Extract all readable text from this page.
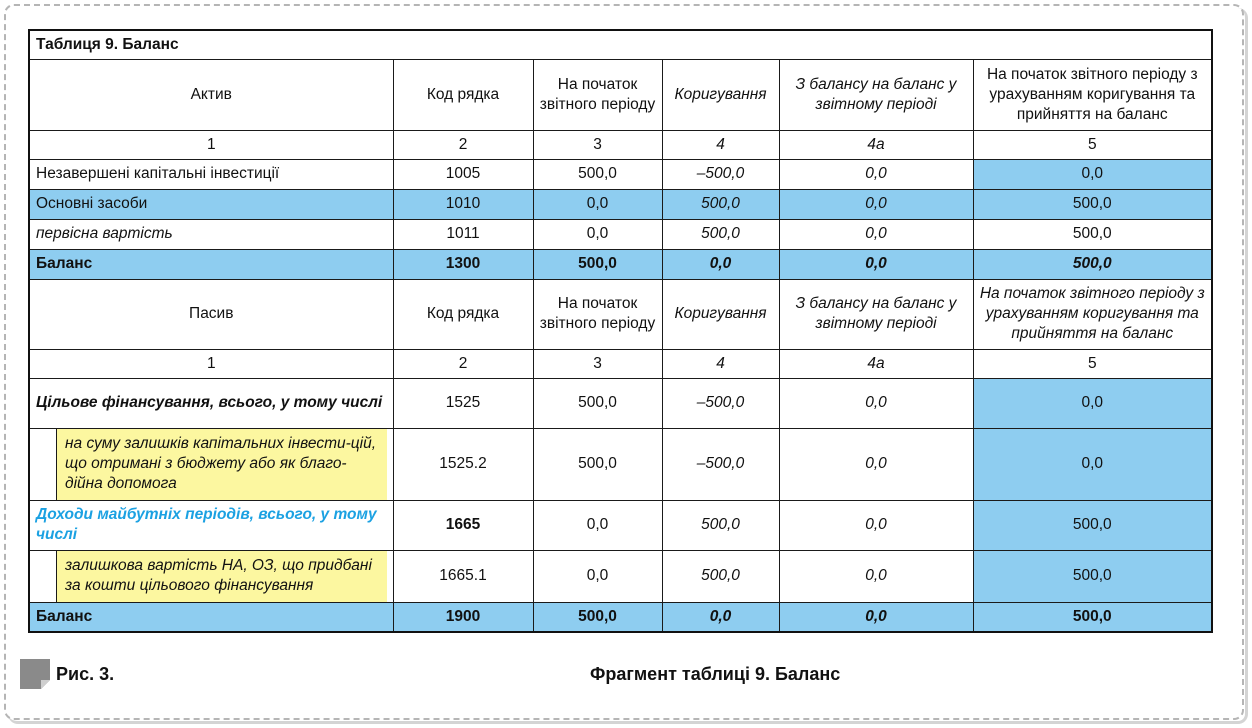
Таблиця 9. Баланс					
Актив	Код рядка	На початок звітного періоду	Коригування	З балансу на баланс у звітному періоді	На початок звітного періоду з урахуванням коригування та прийняття на баланс
1	2	3	4	4а	5
Незавершені капітальні інвестиції	1005	500,0	–500,0	0,0	0,0
Основні засоби	1010	0,0	500,0	0,0	500,0
первісна вартість	1011	0,0	500,0	0,0	500,0
Баланс	1300	500,0	0,0	0,0	500,0
Пасив	Код рядка	На початок звітного періоду	Коригування	З балансу на баланс у звітному періоді	На початок звітного періоду з урахуванням коригування та прийняття на баланс
1	2	3	4	4а	5
Цільове фінансування, всього, у тому числі	1525	500,0	–500,0	0,0	0,0

на суму залишків капітальних інвести-цій, що отримані з бюджету або як благо-дійна допомога	1525.2	500,0	–500,0	0,0	0,0
Доходи майбутніх періодів, всього, у тому числі	1665	0,0	500,0	0,0	500,0

залишкова вартість НА, ОЗ, що придбані за кошти цільового фінансування	1665.1	0,0	500,0	0,0	500,0
Баланс	1900	500,0	0,0	0,0	500,0
Рис. 3.	Фрагмент таблиці 9. Баланс
